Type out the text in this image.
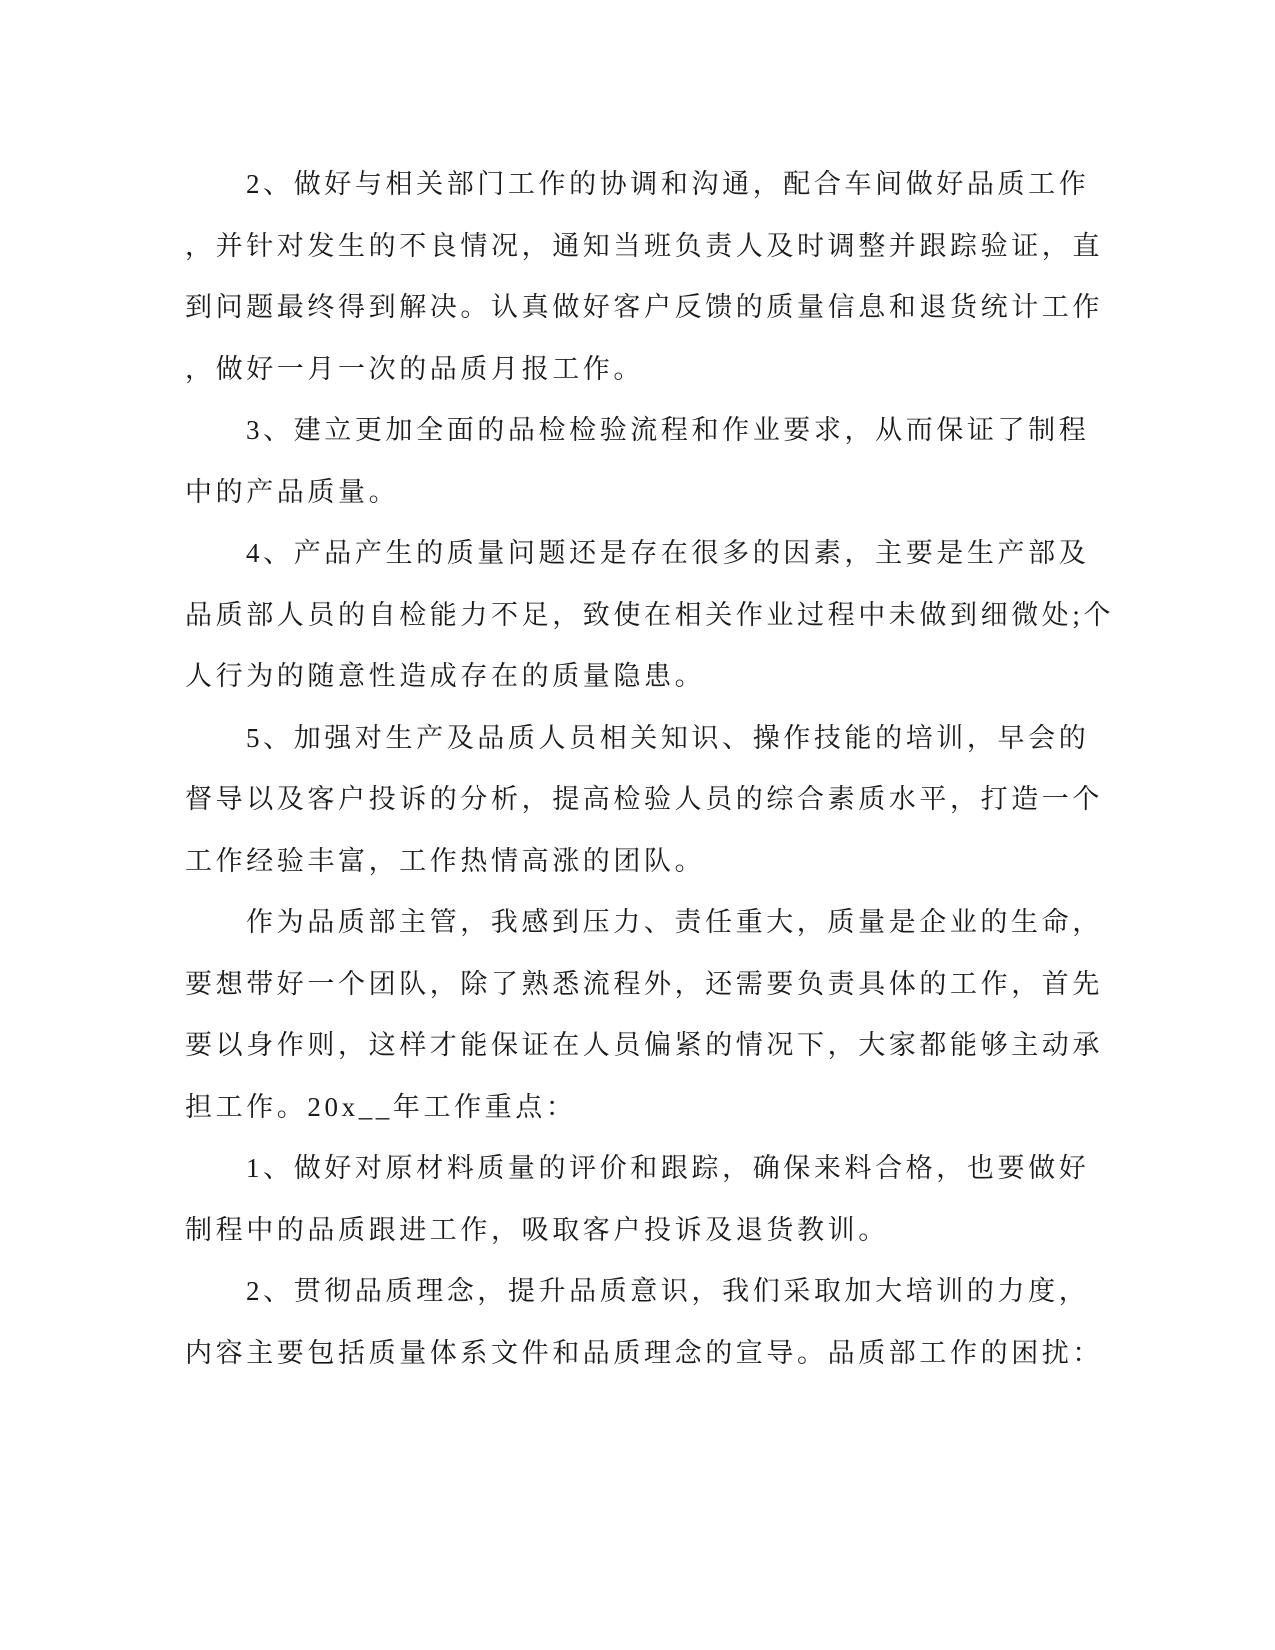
2、做好与相关部门工作的协调和沟通，配合车间做好品质工作
，并针对发生的不良情况，通知当班负责人及时调整并跟踪验证，直
到问题最终得到解决。认真做好客户反馈的质量信息和退货统计工作
，做好一月一次的品质月报工作。
3、建立更加全面的品检检验流程和作业要求，从而保证了制程
中的产品质量。
4、产品产生的质量问题还是存在很多的因素，主要是生产部及
品质部人员的自检能力不足，致使在相关作业过程中未做到细微处;个
人行为的随意性造成存在的质量隐患。
5、加强对生产及品质人员相关知识、操作技能的培训，早会的
督导以及客户投诉的分析，提高检验人员的综合素质水平，打造一个
工作经验丰富，工作热情高涨的团队。
作为品质部主管，我感到压力、责任重大，质量是企业的生命，
要想带好一个团队，除了熟悉流程外，还需要负责具体的工作，首先
要以身作则，这样才能保证在人员偏紧的情况下，大家都能够主动承
担工作。20x__年工作重点：
1、做好对原材料质量的评价和跟踪，确保来料合格，也要做好
制程中的品质跟进工作，吸取客户投诉及退货教训。
2、贯彻品质理念，提升品质意识，我们采取加大培训的力度，
内容主要包括质量体系文件和品质理念的宣导。品质部工作的困扰：
